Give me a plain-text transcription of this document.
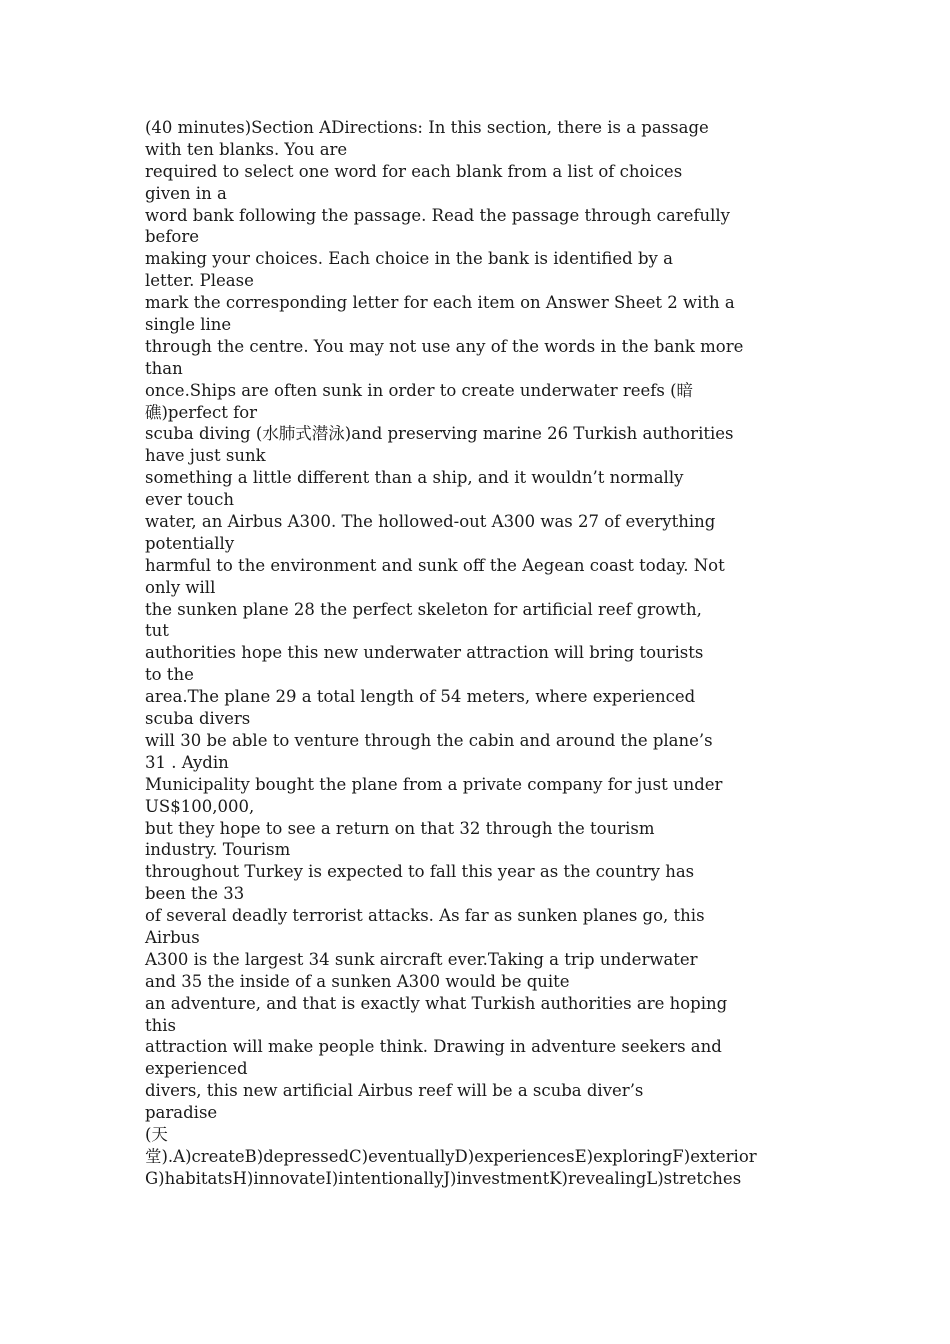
(40 minutes)Section ADirections: In this section, there is a passage
with ten blanks. You are
required to select one word for each blank from a list of choices
given in a
word bank following the passage. Read the passage through carefully
before
making your choices. Each choice in the bank is identified by a
letter. Please
mark the corresponding letter for each item on Answer Sheet 2 with a
single line
through the centre. You may not use any of the words in the bank more
than
once.Ships are often sunk in order to create underwater reefs (暗
礁)perfect for
scuba diving (水肺式潜泳)and preserving marine 26 Turkish authorities
have just sunk
something a little different than a ship, and it wouldn’t normally
ever touch
water, an Airbus A300. The hollowed-out A300 was 27 of everything
potentially
harmful to the environment and sunk off the Aegean coast today. Not
only will
the sunken plane 28 the perfect skeleton for artificial reef growth,
tut
authorities hope this new underwater attraction will bring tourists
to the
area.The plane 29 a total length of 54 meters, where experienced
scuba divers
will 30 be able to venture through the cabin and around the plane’s
31 . Aydin
Municipality bought the plane from a private company for just under
US$100,000,
but they hope to see a return on that 32 through the tourism
industry. Tourism
throughout Turkey is expected to fall this year as the country has
been the 33
of several deadly terrorist attacks. As far as sunken planes go, this
Airbus
A300 is the largest 34 sunk aircraft ever.Taking a trip underwater
and 35 the inside of a sunken A300 would be quite
an adventure, and that is exactly what Turkish authorities are hoping
this
attraction will make people think. Drawing in adventure seekers and
experienced
divers, this new artificial Airbus reef will be a scuba diver’s
paradise
(天
堂).A)createB)depressedC)eventuallyD)experiencesE)exploringF)exterior
G)habitatsH)innovateI)intentionallyJ)investmentK)revealingL)stretches
